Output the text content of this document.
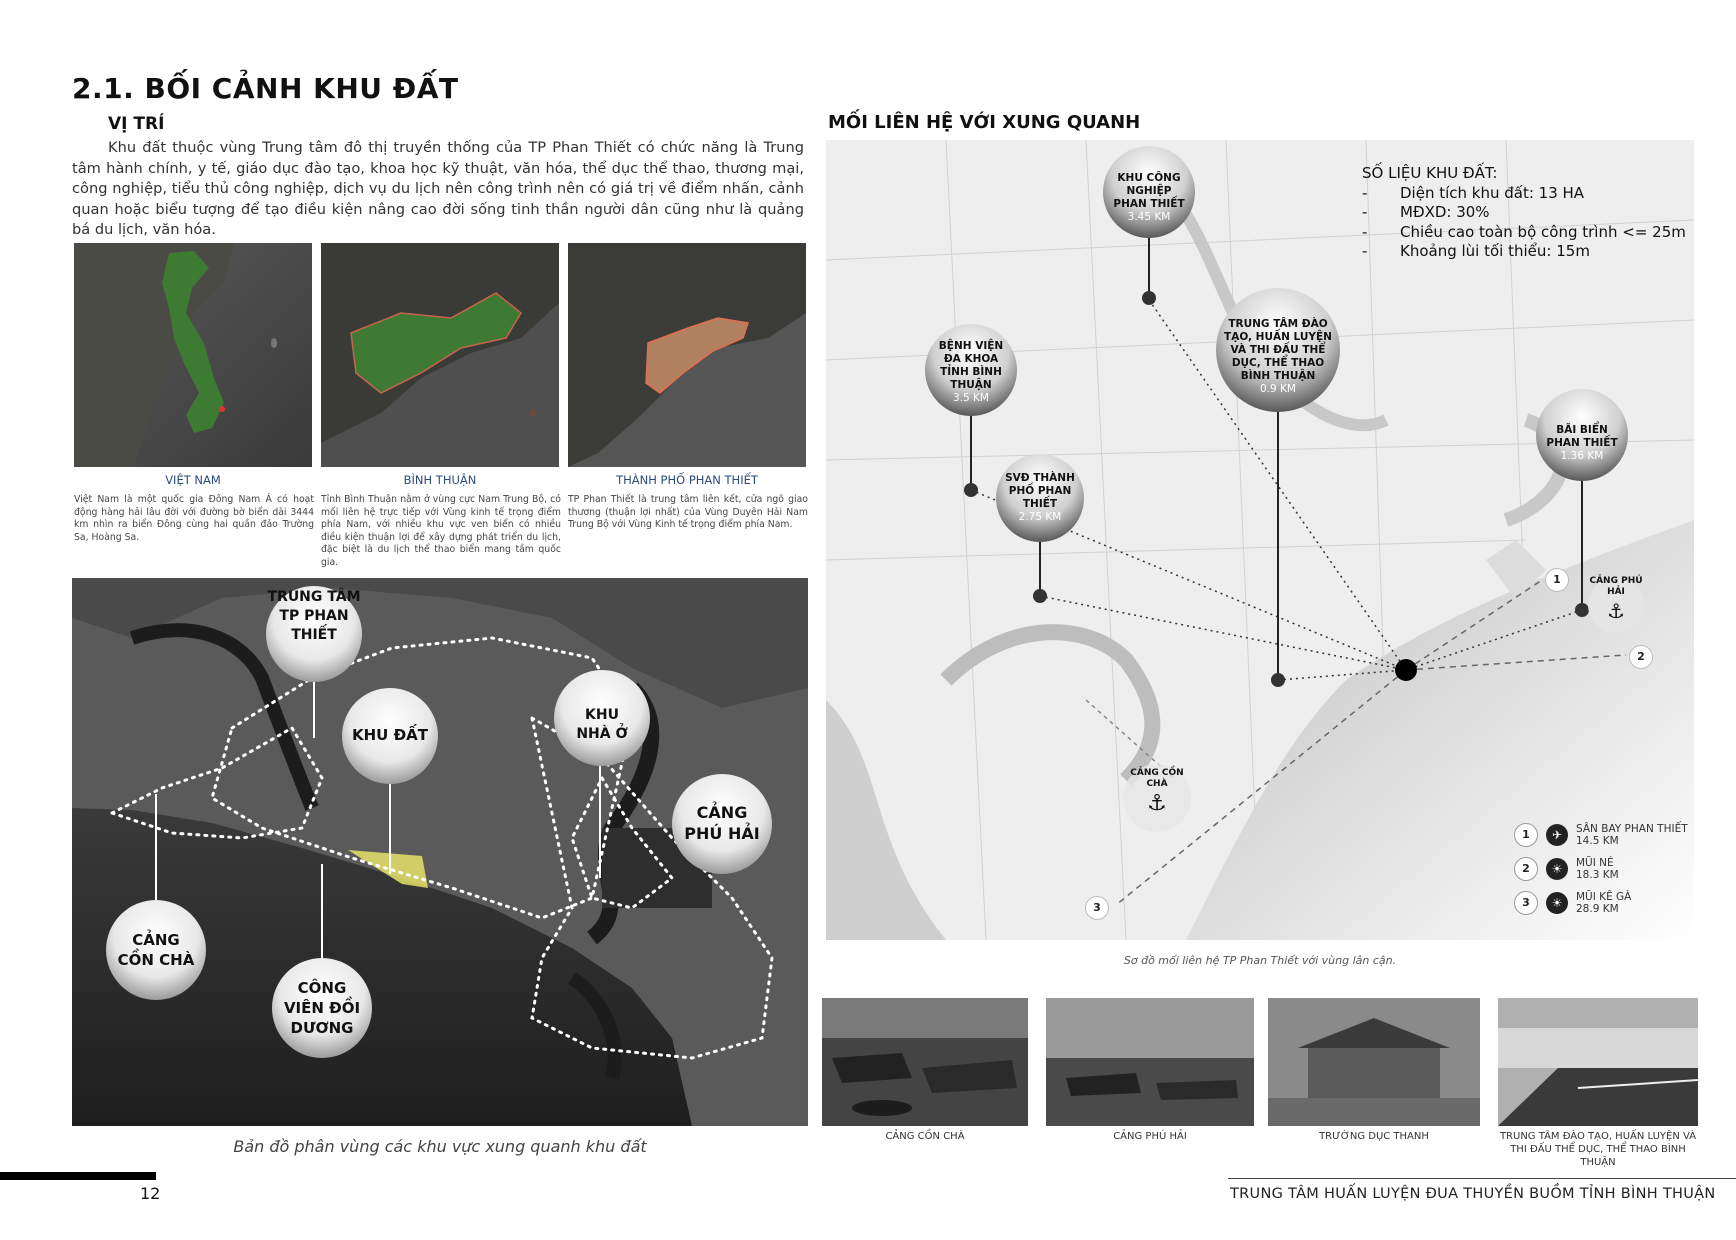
2.1. BỐI CẢNH KHU ĐẤT
VỊ TRÍ
Khu đất thuộc vùng Trung tâm đô thị truyền thống của TP Phan Thiết có chức năng là Trung tâm hành chính, y tế, giáo dục đào tạo, khoa học kỹ thuật, văn hóa, thể dục thể thao, thương mại, công nghiệp, tiểu thủ công nghiệp, dịch vụ du lịch nên công trình nên có giá trị về điểm nhấn, cảnh quan hoặc biểu tượng để tạo điều kiện nâng cao đời sống tinh thần người dân cũng như là quảng bá du lịch, văn hóa.
VIỆT NAM	BÌNH THUẬN	THÀNH PHỐ PHAN THIẾT
Việt Nam là một quốc gia Đông Nam Á có hoạt động hàng hải lâu đời với đường bờ biển dài 3444 km nhìn ra biển Đông cùng hai quần đảo Trường Sa, Hoàng Sa.
Tỉnh Bình Thuận nằm ở vùng cực Nam Trung Bộ, có mối liên hệ trực tiếp với Vùng kinh tế trọng điểm phía Nam, với nhiều khu vực ven biển có nhiều điều kiện thuận lợi để xây dựng phát triển du lịch, đặc biệt là du lịch thể thao biển mang tầm quốc gia.
TP Phan Thiết là trung tâm liên kết, cửa ngõ giao thương (thuận lợi nhất) của Vùng Duyên Hải Nam Trung Bộ với Vùng Kinh tế trọng điểm phía Nam.
TRUNG TÂM TP PHAN THIẾT
KHU ĐẤT
KHU NHÀ Ở
CẢNG PHÚ HẢI
CẢNG CỒN CHÀ
CÔNG VIÊN ĐỒI DƯƠNG
Bản đồ phân vùng các khu vực xung quanh khu đất
MỐI LIÊN HỆ VỚI XUNG QUANH
KHU CÔNG NGHIỆP PHAN THIẾT
3.45 KM
BỆNH VIỆN ĐA KHOA TỈNH BÌNH THUẬN
3.5 KM
TRUNG TÂM ĐÀO TẠO, HUẤN LUYỆN VÀ THI ĐẤU THỂ DỤC, THỂ THAO BÌNH THUẬN
0.9 KM
BÃI BIỂN PHAN THIẾT
1.36 KM
SVĐ THÀNH PHỐ PHAN THIẾT
2.75 KM
CẢNG CỒN CHÀ
⚓
CẢNG PHÚ HẢI
⚓
1
2
3
1	✈	SÂN BAY PHAN THIẾT
14.5 KM
2	☀	MŨI NÉ
18.3 KM
3	☀	MŨI KÊ GÀ
28.9 KM
SỐ LIỆU KHU ĐẤT:
-	Diện tích khu đất: 13 HA
-	MĐXD: 30%
-	Chiều cao toàn bộ công trình <= 25m
-	Khoảng lùi tối thiểu: 15m
Sơ đồ mối liên hệ TP Phan Thiết với vùng lân cận.
CẢNG CỒN CHÀ	CẢNG PHÚ HẢI	TRƯỜNG DỤC THANH	TRUNG TÂM ĐÀO TẠO, HUẤN LUYỆN VÀ THI ĐẤU THỂ DỤC, THỂ THAO BÌNH THUẬN
12	TRUNG TÂM HUẤN LUYỆN ĐUA THUYỀN BUỒM TỈNH BÌNH THUẬN
